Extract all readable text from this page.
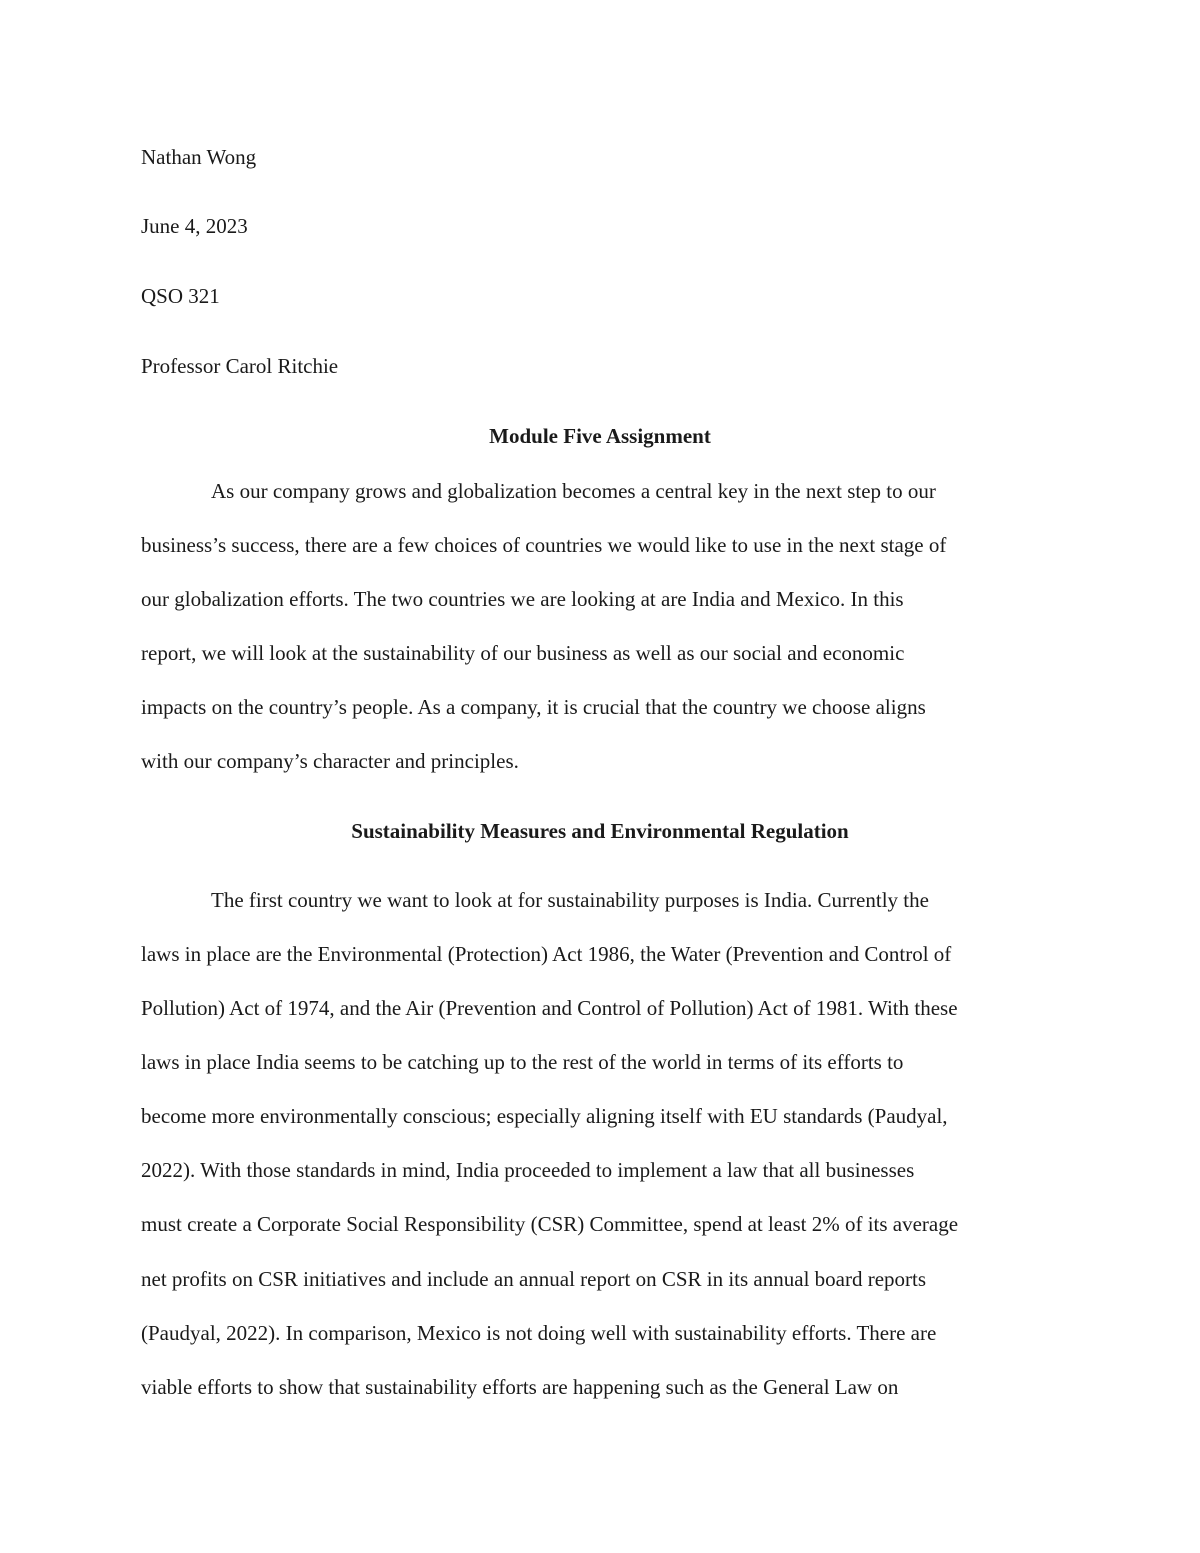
Nathan Wong
June 4, 2023
QSO 321
Professor Carol Ritchie
Module Five Assignment
As our company grows and globalization becomes a central key in the next step to our
business’s success, there are a few choices of countries we would like to use in the next stage of
our globalization efforts. The two countries we are looking at are India and Mexico. In this
report, we will look at the sustainability of our business as well as our social and economic
impacts on the country’s people. As a company, it is crucial that the country we choose aligns
with our company’s character and principles.
Sustainability Measures and Environmental Regulation
The first country we want to look at for sustainability purposes is India. Currently the
laws in place are the Environmental (Protection) Act 1986, the Water (Prevention and Control of
Pollution) Act of 1974, and the Air (Prevention and Control of Pollution) Act of 1981. With these
laws in place India seems to be catching up to the rest of the world in terms of its efforts to
become more environmentally conscious; especially aligning itself with EU standards (Paudyal,
2022). With those standards in mind, India proceeded to implement a law that all businesses
must create a Corporate Social Responsibility (CSR) Committee, spend at least 2% of its average
net profits on CSR initiatives and include an annual report on CSR in its annual board reports
(Paudyal, 2022). In comparison, Mexico is not doing well with sustainability efforts. There are
viable efforts to show that sustainability efforts are happening such as the General Law on
